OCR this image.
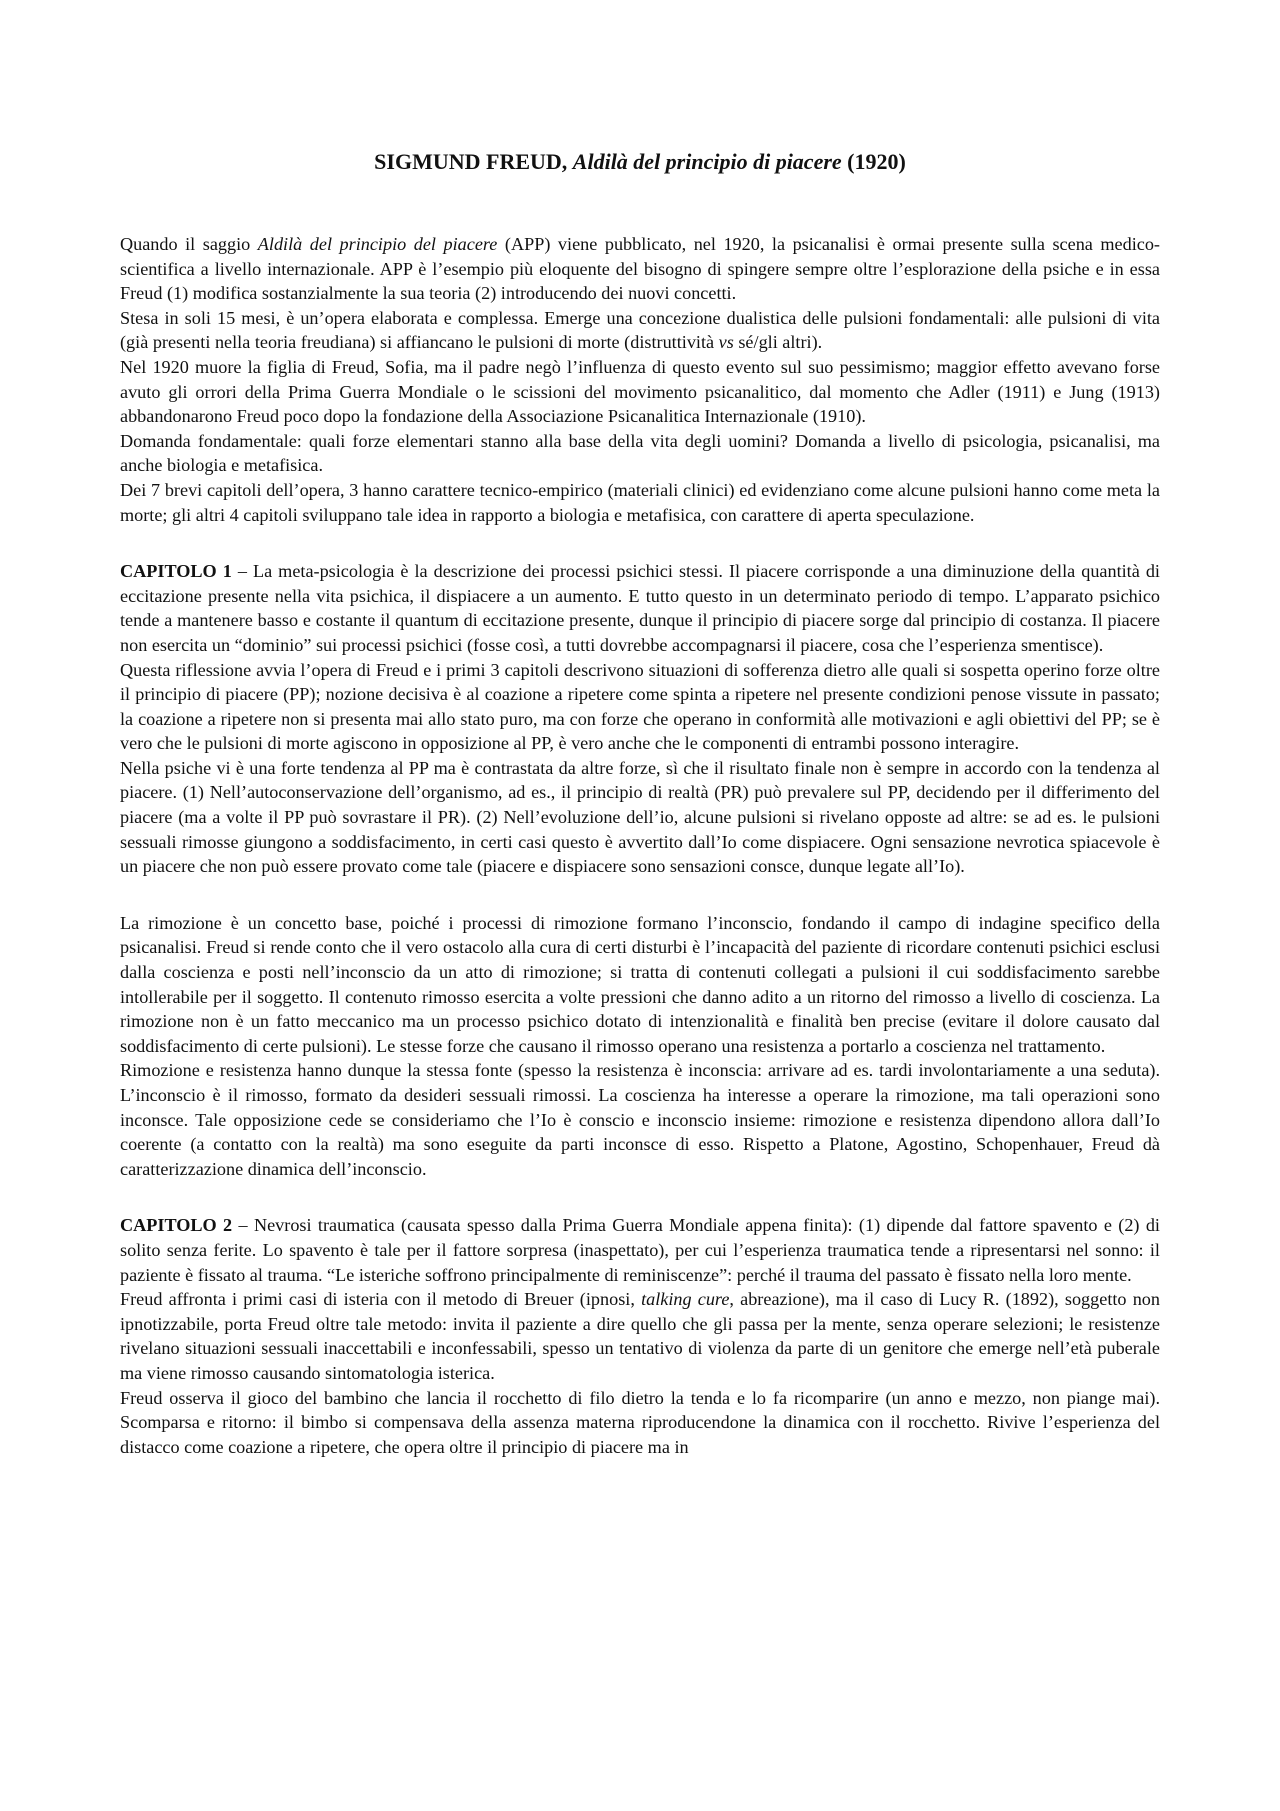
SIGMUND FREUD, Aldilà del principio di piacere (1920)

Quando il saggio Aldilà del principio del piacere (APP) viene pubblicato, nel 1920, la psicanalisi è ormai presente sulla scena medico-scientifica a livello internazionale. APP è l’esempio più eloquente del bisogno di spingere sempre oltre l’esplorazione della psiche e in essa Freud (1) modifica sostanzialmente la sua teoria (2) introducendo dei nuovi concetti.

Stesa in soli 15 mesi, è un’opera elaborata e complessa. Emerge una concezione dualistica delle pulsioni fondamentali: alle pulsioni di vita (già presenti nella teoria freudiana) si affiancano le pulsioni di morte (distruttività vs sé/gli altri).

Nel 1920 muore la figlia di Freud, Sofia, ma il padre negò l’influenza di questo evento sul suo pessimismo; maggior effetto avevano forse avuto gli orrori della Prima Guerra Mondiale o le scissioni del movimento psicanalitico, dal momento che Adler (1911) e Jung (1913) abbandonarono Freud poco dopo la fondazione della Associazione Psicanalitica Internazionale (1910).

Domanda fondamentale: quali forze elementari stanno alla base della vita degli uomini? Domanda a livello di psicologia, psicanalisi, ma anche biologia e metafisica.

Dei 7 brevi capitoli dell’opera, 3 hanno carattere tecnico-empirico (materiali clinici) ed evidenziano come alcune pulsioni hanno come meta la morte; gli altri 4 capitoli sviluppano tale idea in rapporto a biologia e metafisica, con carattere di aperta speculazione.

CAPITOLO 1 – La meta-psicologia è la descrizione dei processi psichici stessi. Il piacere corrisponde a una diminuzione della quantità di eccitazione presente nella vita psichica, il dispiacere a un aumento. E tutto questo in un determinato periodo di tempo. L’apparato psichico tende a mantenere basso e costante il quantum di eccitazione presente, dunque il principio di piacere sorge dal principio di costanza. Il piacere non esercita un “dominio” sui processi psichici (fosse così, a tutti dovrebbe accompagnarsi il piacere, cosa che l’esperienza smentisce).

Questa riflessione avvia l’opera di Freud e i primi 3 capitoli descrivono situazioni di sofferenza dietro alle quali si sospetta operino forze oltre il principio di piacere (PP); nozione decisiva è al coazione a ripetere come spinta a ripetere nel presente condizioni penose vissute in passato; la coazione a ripetere non si presenta mai allo stato puro, ma con forze che operano in conformità alle motivazioni e agli obiettivi del PP; se è vero che le pulsioni di morte agiscono in opposizione al PP, è vero anche che le componenti di entrambi possono interagire.

Nella psiche vi è una forte tendenza al PP ma è contrastata da altre forze, sì che il risultato finale non è sempre in accordo con la tendenza al piacere. (1) Nell’autoconservazione dell’organismo, ad es., il principio di realtà (PR) può prevalere sul PP, decidendo per il differimento del piacere (ma a volte il PP può sovrastare il PR). (2) Nell’evoluzione dell’io, alcune pulsioni si rivelano opposte ad altre: se ad es. le pulsioni sessuali rimosse giungono a soddisfacimento, in certi casi questo è avvertito dall’Io come dispiacere. Ogni sensazione nevrotica spiacevole è un piacere che non può essere provato come tale (piacere e dispiacere sono sensazioni consce, dunque legate all’Io).

La rimozione è un concetto base, poiché i processi di rimozione formano l’inconscio, fondando il campo di indagine specifico della psicanalisi. Freud si rende conto che il vero ostacolo alla cura di certi disturbi è l’incapacità del paziente di ricordare contenuti psichici esclusi dalla coscienza e posti nell’inconscio da un atto di rimozione; si tratta di contenuti collegati a pulsioni il cui soddisfacimento sarebbe intollerabile per il soggetto. Il contenuto rimosso esercita a volte pressioni che danno adito a un ritorno del rimosso a livello di coscienza. La rimozione non è un fatto meccanico ma un processo psichico dotato di intenzionalità e finalità ben precise (evitare il dolore causato dal soddisfacimento di certe pulsioni). Le stesse forze che causano il rimosso operano una resistenza a portarlo a coscienza nel trattamento.

Rimozione e resistenza hanno dunque la stessa fonte (spesso la resistenza è inconscia: arrivare ad es. tardi involontariamente a una seduta). L’inconscio è il rimosso, formato da desideri sessuali rimossi. La coscienza ha interesse a operare la rimozione, ma tali operazioni sono inconsce. Tale opposizione cede se consideriamo che l’Io è conscio e inconscio insieme: rimozione e resistenza dipendono allora dall’Io coerente (a contatto con la realtà) ma sono eseguite da parti inconsce di esso. Rispetto a Platone, Agostino, Schopenhauer, Freud dà caratterizzazione dinamica dell’inconscio.

CAPITOLO 2 – Nevrosi traumatica (causata spesso dalla Prima Guerra Mondiale appena finita): (1) dipende dal fattore spavento e (2) di solito senza ferite. Lo spavento è tale per il fattore sorpresa (inaspettato), per cui l’esperienza traumatica tende a ripresentarsi nel sonno: il paziente è fissato al trauma. “Le isteriche soffrono principalmente di reminiscenze”: perché il trauma del passato è fissato nella loro mente.

Freud affronta i primi casi di isteria con il metodo di Breuer (ipnosi, talking cure, abreazione), ma il caso di Lucy R. (1892), soggetto non ipnotizzabile, porta Freud oltre tale metodo: invita il paziente a dire quello che gli passa per la mente, senza operare selezioni; le resistenze rivelano situazioni sessuali inaccettabili e inconfessabili, spesso un tentativo di violenza da parte di un genitore che emerge nell’età puberale ma viene rimosso causando sintomatologia isterica.

Freud osserva il gioco del bambino che lancia il rocchetto di filo dietro la tenda e lo fa ricomparire (un anno e mezzo, non piange mai). Scomparsa e ritorno: il bimbo si compensava della assenza materna riproducendone la dinamica con il rocchetto. Rivive l’esperienza del distacco come coazione a ripetere, che opera oltre il principio di piacere ma in
